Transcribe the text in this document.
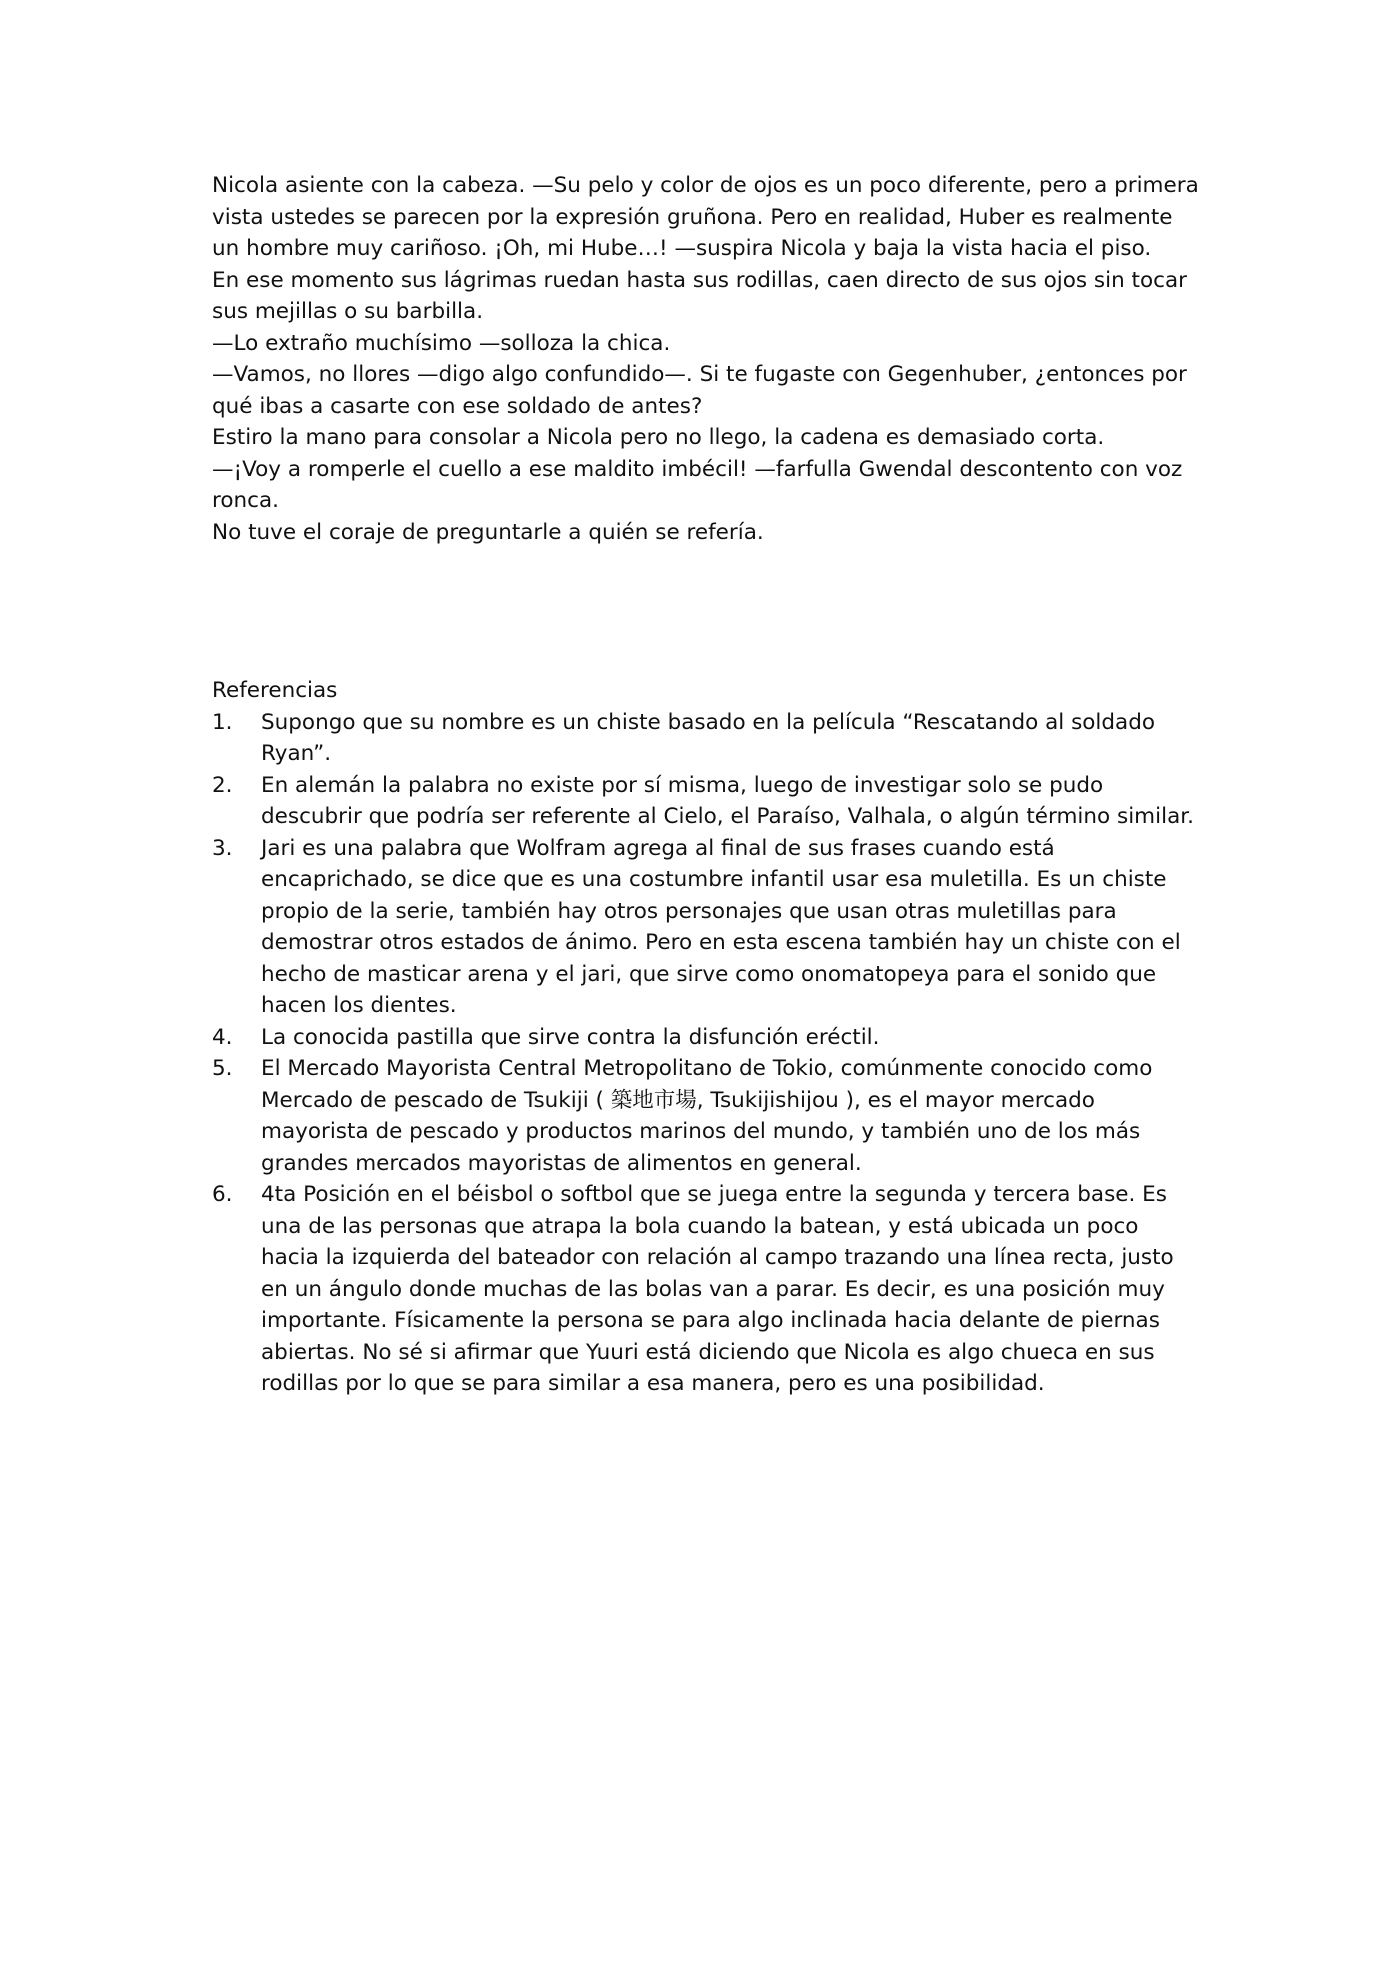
Nicola asiente con la cabeza. —Su pelo y color de ojos es un poco diferente, pero a primera vista ustedes se parecen por la expresión gruñona. Pero en realidad, Huber es realmente un hombre muy cariñoso. ¡Oh, mi Hube…! —suspira Nicola y baja la vista hacia el piso.

En ese momento sus lágrimas ruedan hasta sus rodillas, caen directo de sus ojos sin tocar sus mejillas o su barbilla.

—Lo extraño muchísimo —solloza la chica.

—Vamos, no llores —digo algo confundido—. Si te fugaste con Gegenhuber, ¿entonces por qué ibas a casarte con ese soldado de antes?

Estiro la mano para consolar a Nicola pero no llego, la cadena es demasiado corta.

—¡Voy a romperle el cuello a ese maldito imbécil! —farfulla Gwendal descontento con voz ronca.

No tuve el coraje de preguntarle a quién se refería.

Referencias

1.	Supongo que su nombre es un chiste basado en la película “Rescatando al soldado Ryan”.
2.	En alemán la palabra no existe por sí misma, luego de investigar solo se pudo descubrir que podría ser referente al Cielo, el Paraíso, Valhala, o algún término similar.
3.	Jari es una palabra que Wolfram agrega al final de sus frases cuando está encaprichado, se dice que es una costumbre infantil usar esa muletilla. Es un chiste propio de la serie, también hay otros personajes que usan otras muletillas para demostrar otros estados de ánimo. Pero en esta escena también hay un chiste con el hecho de masticar arena y el jari, que sirve como onomatopeya para el sonido que hacen los dientes.
4.	La conocida pastilla que sirve contra la disfunción eréctil.
5.	El Mercado Mayorista Central Metropolitano de Tokio, comúnmente conocido como Mercado de pescado de Tsukiji ( 築地市場, Tsukijishijou ), es el mayor mercado mayorista de pescado y productos marinos del mundo, y también uno de los más grandes mercados mayoristas de alimentos en general.
6.	4ta Posición en el béisbol o softbol que se juega entre la segunda y tercera base. Es una de las personas que atrapa la bola cuando la batean, y está ubicada un poco hacia la izquierda del bateador con relación al campo trazando una línea recta, justo en un ángulo donde muchas de las bolas van a parar. Es decir, es una posición muy importante. Físicamente la persona se para algo inclinada hacia delante de piernas abiertas. No sé si afirmar que Yuuri está diciendo que Nicola es algo chueca en sus rodillas por lo que se para similar a esa manera, pero es una posibilidad.
